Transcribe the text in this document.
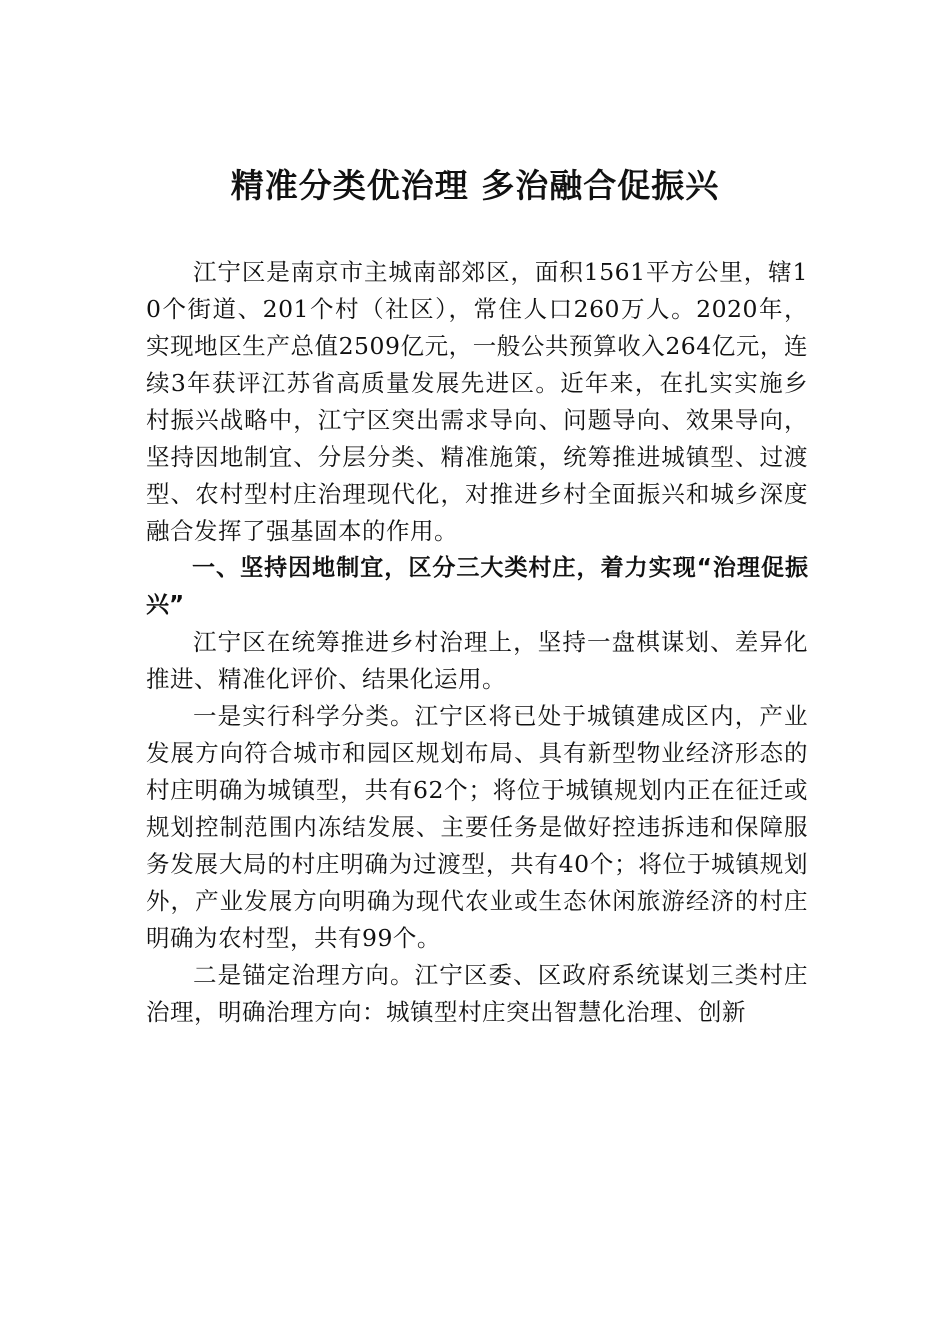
精准分类优治理 多治融合促振兴

江宁区是南京市主城南部郊区，面积1561平方公里，辖10个街道、201个村（社区），常住人口260万人。2020年，实现地区生产总值2509亿元，一般公共预算收入264亿元，连续3年获评江苏省高质量发展先进区。近年来，在扎实实施乡村振兴战略中，江宁区突出需求导向、问题导向、效果导向，坚持因地制宜、分层分类、精准施策，统筹推进城镇型、过渡型、农村型村庄治理现代化，对推进乡村全面振兴和城乡深度融合发挥了强基固本的作用。

一、坚持因地制宜，区分三大类村庄，着力实现“治理促振兴”

江宁区在统筹推进乡村治理上，坚持一盘棋谋划、差异化推进、精准化评价、结果化运用。

一是实行科学分类。江宁区将已处于城镇建成区内，产业发展方向符合城市和园区规划布局、具有新型物业经济形态的村庄明确为城镇型，共有62个；将位于城镇规划内正在征迁或规划控制范围内冻结发展、主要任务是做好控违拆违和保障服务发展大局的村庄明确为过渡型，共有40个；将位于城镇规划外，产业发展方向明确为现代农业或生态休闲旅游经济的村庄明确为农村型，共有99个。

二是锚定治理方向。江宁区委、区政府系统谋划三类村庄治理，明确治理方向：城镇型村庄突出智慧化治理、创新
